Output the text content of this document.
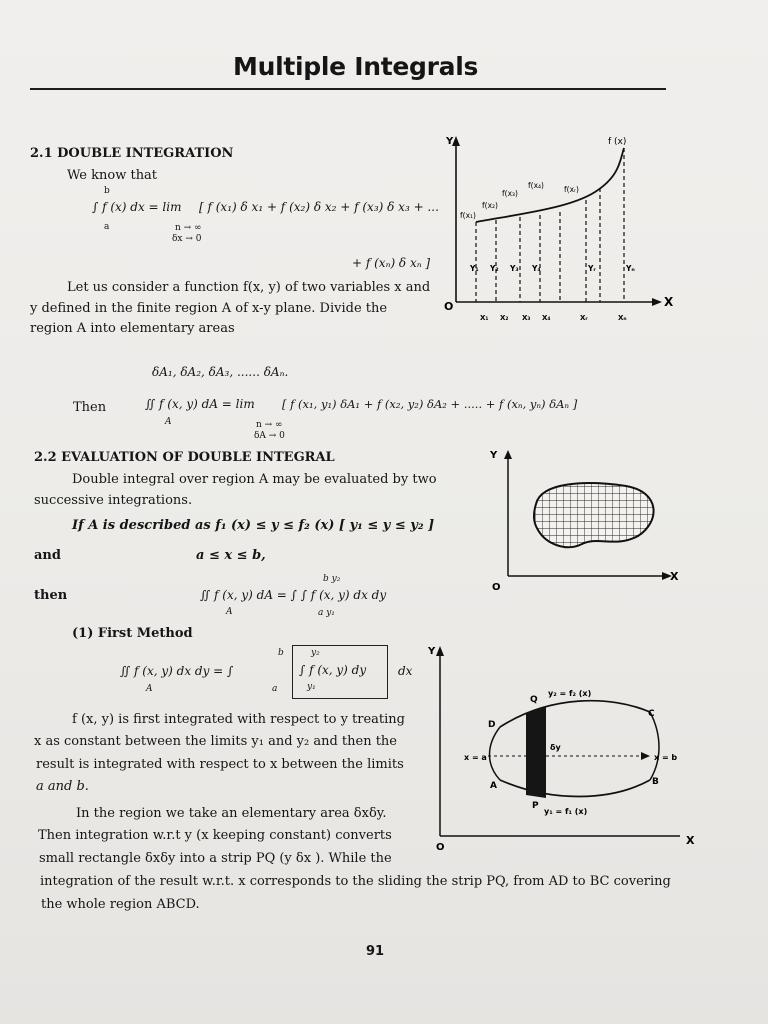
Multiple Integrals
2.1 DOUBLE INTEGRATION
We know that
b
a
∫ f (x) dx = lim
n → ∞
δx → 0
[ f (x₁) δ x₁ + f (x₂) δ x₂ + f (x₃) δ x₃ + ...
+ f (xₙ) δ xₙ ]
Let us consider a function f(x, y) of two variables x and
y defined in the finite region A of x-y plane. Divide the
region A into elementary areas
δA₁, δA₂, δA₃, ...... δAₙ.
Then	∬ f (x, y) dA = lim
A	n → ∞
δA → 0
[ f (x₁, y₁) δA₁ + f (x₂, y₂) δA₂ + ..... + f (xₙ, yₙ) δAₙ ]
2.2 EVALUATION OF DOUBLE INTEGRAL
Double integral over region A may be evaluated by two
successive integrations.
If A is described as f₁ (x) ≤ y ≤ f₂ (x) [ y₁ ≤ y ≤ y₂ ]
and	a ≤ x ≤ b,
then	∬ f (x, y) dA = ∫ ∫ f (x, y) dx dy
A
b y₂
a y₁
(1) First Method
∬ f (x, y) dx dy = ∫
A
b
a
y₂
∫ f (x, y) dy
y₁
dx
f (x, y) is first integrated with respect to y treating
x as constant between the limits y₁ and y₂ and then the
result is integrated with respect to x between the limits
a and b.
In the region we take an elementary area δxδy.
Then integration w.r.t y (x keeping constant) converts
small rectangle δxδy into a strip PQ (y δx ). While the
integration of the result w.r.t. x corresponds to the sliding the strip PQ, from AD to BC covering
the whole region ABCD.
91
Y
X
O
f (x)
f(x₁)
f(x₂)
f(x₃)
f(x₄)	f(xᵣ)
Y₁ Y₂ Y₃ Y₄	Yᵣ	Yₙ
X₁ X₂ X₃ X₄	Xᵣ	Xₙ
Y
X
O
Y
X
O
Q
C
D
A	B
P
y₂ = f₂ (x)
y₁ = f₁ (x)
x = a	x = b
δy
